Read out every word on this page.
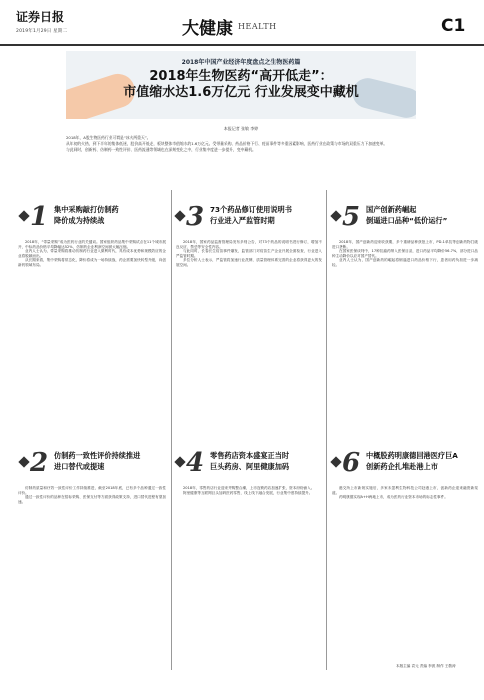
证券日报
2019年1月29日 星期二	大健康 HEALTH	C1
2018年中国产业经济年度盘点之生物医药篇
2018年生物医药“高开低走”：
市值缩水达1.6万亿元 行业发展变中藏机
本报记者 张敏 李婷

2018年，A股生物医药行业可谓是“冰火两重天”。

从年初的火热，到下半年的集体低迷，股价高开低走，板块整体市值缩水约1.6万亿元。受带量采购、药品价格下行、疫苗事件等多重因素影响，医药行业在政策与市场的双重压力下加速变革。

与此同时，创新药、仿制药一致性评价、医药流通等领域也在深刻变化之中，行业集中度进一步提升，变中藏机。

1 集中采购敲打仿制药
降价成为持续战

2018年，“带量采购”成为医药行业的关键词。国家组织药品集中采购试点在11个城市展开，中标药品价格平均降幅达52%，仿制药企业利润空间被大幅压缩。

业内人士认为，带量采购将推动仿制药行业进入微利时代，具有成本优势和规模效应的企业将脱颖而出。

从长期来看，集中采购将常态化，降价将成为一场持续战，药企需要加快转型升级，向创新药领域布局。

3 73个药品修订使用说明书
行业进入严监管时期

2018年，国家药品监督管理局发布多则公告，对73个药品的说明书进行修订，增加不良反应、禁忌等安全性内容。

与此同时，长春长生疫苗事件爆发，监管部门对疫苗生产企业开展全面检查，行业进入严监管时期。

多位分析人士表示，严监管将加速行业洗牌，质量管理体系完善的企业将获得更大的发展空间。

5 国产创新药崛起
倒逼进口品种“低价运行”

2018年，国产创新药迎来收获期，多个重磅品种获批上市，PD-1单抗等创新药物打破进口垄断。

在国家医保谈判中，17种抗癌药纳入医保目录，进口药品平均降价56.7%，部分进口品种主动降价以应对国产替代。

业内人士认为，国产创新药的崛起将倒逼进口药品价格下行，患者用药负担进一步减轻。

2 仿制药一致性评价持续推进
进口替代或提速

仿制药质量和疗效一致性评价工作持续推进，截至2018年底，已有多个品种通过一致性评价。

通过一致性评价的品种在招标采购、医保支付等方面获得政策支持，进口替代进程有望加速。

4 零售药店资本盛宴正当时
巨头药房、阿里健康加码

2018年，零售药店行业迎来并购整合潮，上市连锁药店加速扩张，资本纷纷涌入。

阿里健康等互联网巨头加码医药零售，线上线下融合发展，行业集中度持续提升。

6 中概股药明康德回港医疗巨A
创新药企扎堆赴港上市

港交所上市新规实施后，多家未盈利生物科技公司赴港上市，创新药企迎来融资新渠道。

药明康德实现A+H两地上市，成为医药行业资本市场的标志性事件。

本版主编 袁元 责编 李波 制作 王敬涛
